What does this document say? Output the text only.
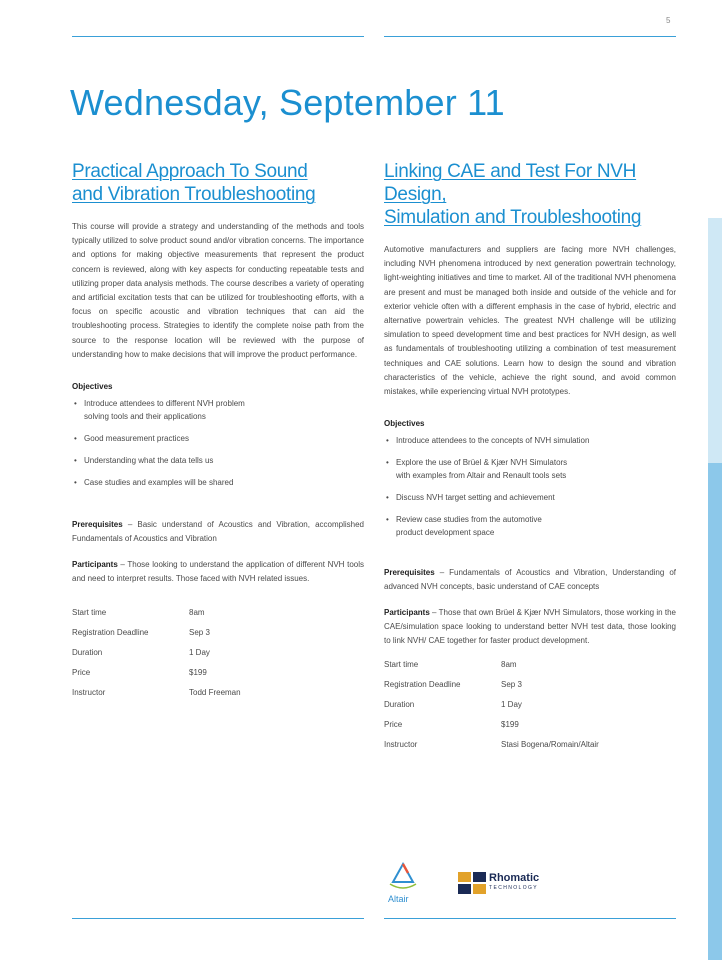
5
Wednesday, September 11
Practical Approach To Sound
and Vibration Troubleshooting

This course will provide a strategy and understanding of the methods and tools typically utilized to solve product sound and/or vibration concerns. The importance and options for making objective measurements that represent the product concern is reviewed, along with key aspects for conducting repeatable tests and utilizing proper data analysis methods. The course describes a variety of operating and artificial excitation tests that can be utilized for troubleshooting efforts, with a focus on specific acoustic and vibration techniques that can aid the troubleshooting process. Strategies to identify the complete noise path from the source to the response location will be reviewed with the purpose of understanding how to make decisions that will improve the product performance.

Objectives

• Introduce attendees to different NVH problem
solving tools and their applications
• Good measurement practices
• Understanding what the data tells us
• Case studies and examples will be shared

Prerequisites – Basic understand of Acoustics and Vibration, accomplished Fundamentals of Acoustics and Vibration

Participants – Those looking to understand the application of different NVH tools and need to interpret results. Those faced with NVH related issues.

Start time	8am
Registration Deadline	Sep 3
Duration	1 Day
Price	$199
Instructor	Todd Freeman
Linking CAE and Test For NVH Design,
Simulation and Troubleshooting

Automotive manufacturers and suppliers are facing more NVH challenges, including NVH phenomena introduced by next generation powertrain technology, light-weighting initiatives and time to market. All of the traditional NVH phenomena are present and must be managed both inside and outside of the vehicle and for exterior vehicle often with a different emphasis in the case of hybrid, electric and alternative powertrain vehicles. The greatest NVH challenge will be utilizing simulation to speed development time and best practices for NVH design, as well as fundamentals of troubleshooting utilizing a combination of test measurement techniques and CAE solutions. Learn how to design the sound and vibration characteristics of the vehicle, achieve the right sound, and avoid common mistakes, while experiencing virtual NVH prototypes.

Objectives

• Introduce attendees to the concepts of NVH simulation
• Explore the use of Brüel & Kjær NVH Simulators
with examples from Altair and Renault tools sets
• Discuss NVH target setting and achievement
• Review case studies from the automotive
product development space

Prerequisites – Fundamentals of Acoustics and Vibration, Understanding of advanced NVH concepts, basic understand of CAE concepts

Participants – Those that own Brüel & Kjær NVH Simulators, those working in the CAE/simulation space looking to understand better NVH test data, those looking to link NVH/ CAE together for faster product development.

Start time	8am
Registration Deadline	Sep 3
Duration	1 Day
Price	$199
Instructor	Stasi Bogena/Romain/Altair
Altair
Rhomatic
TECHNOLOGY
